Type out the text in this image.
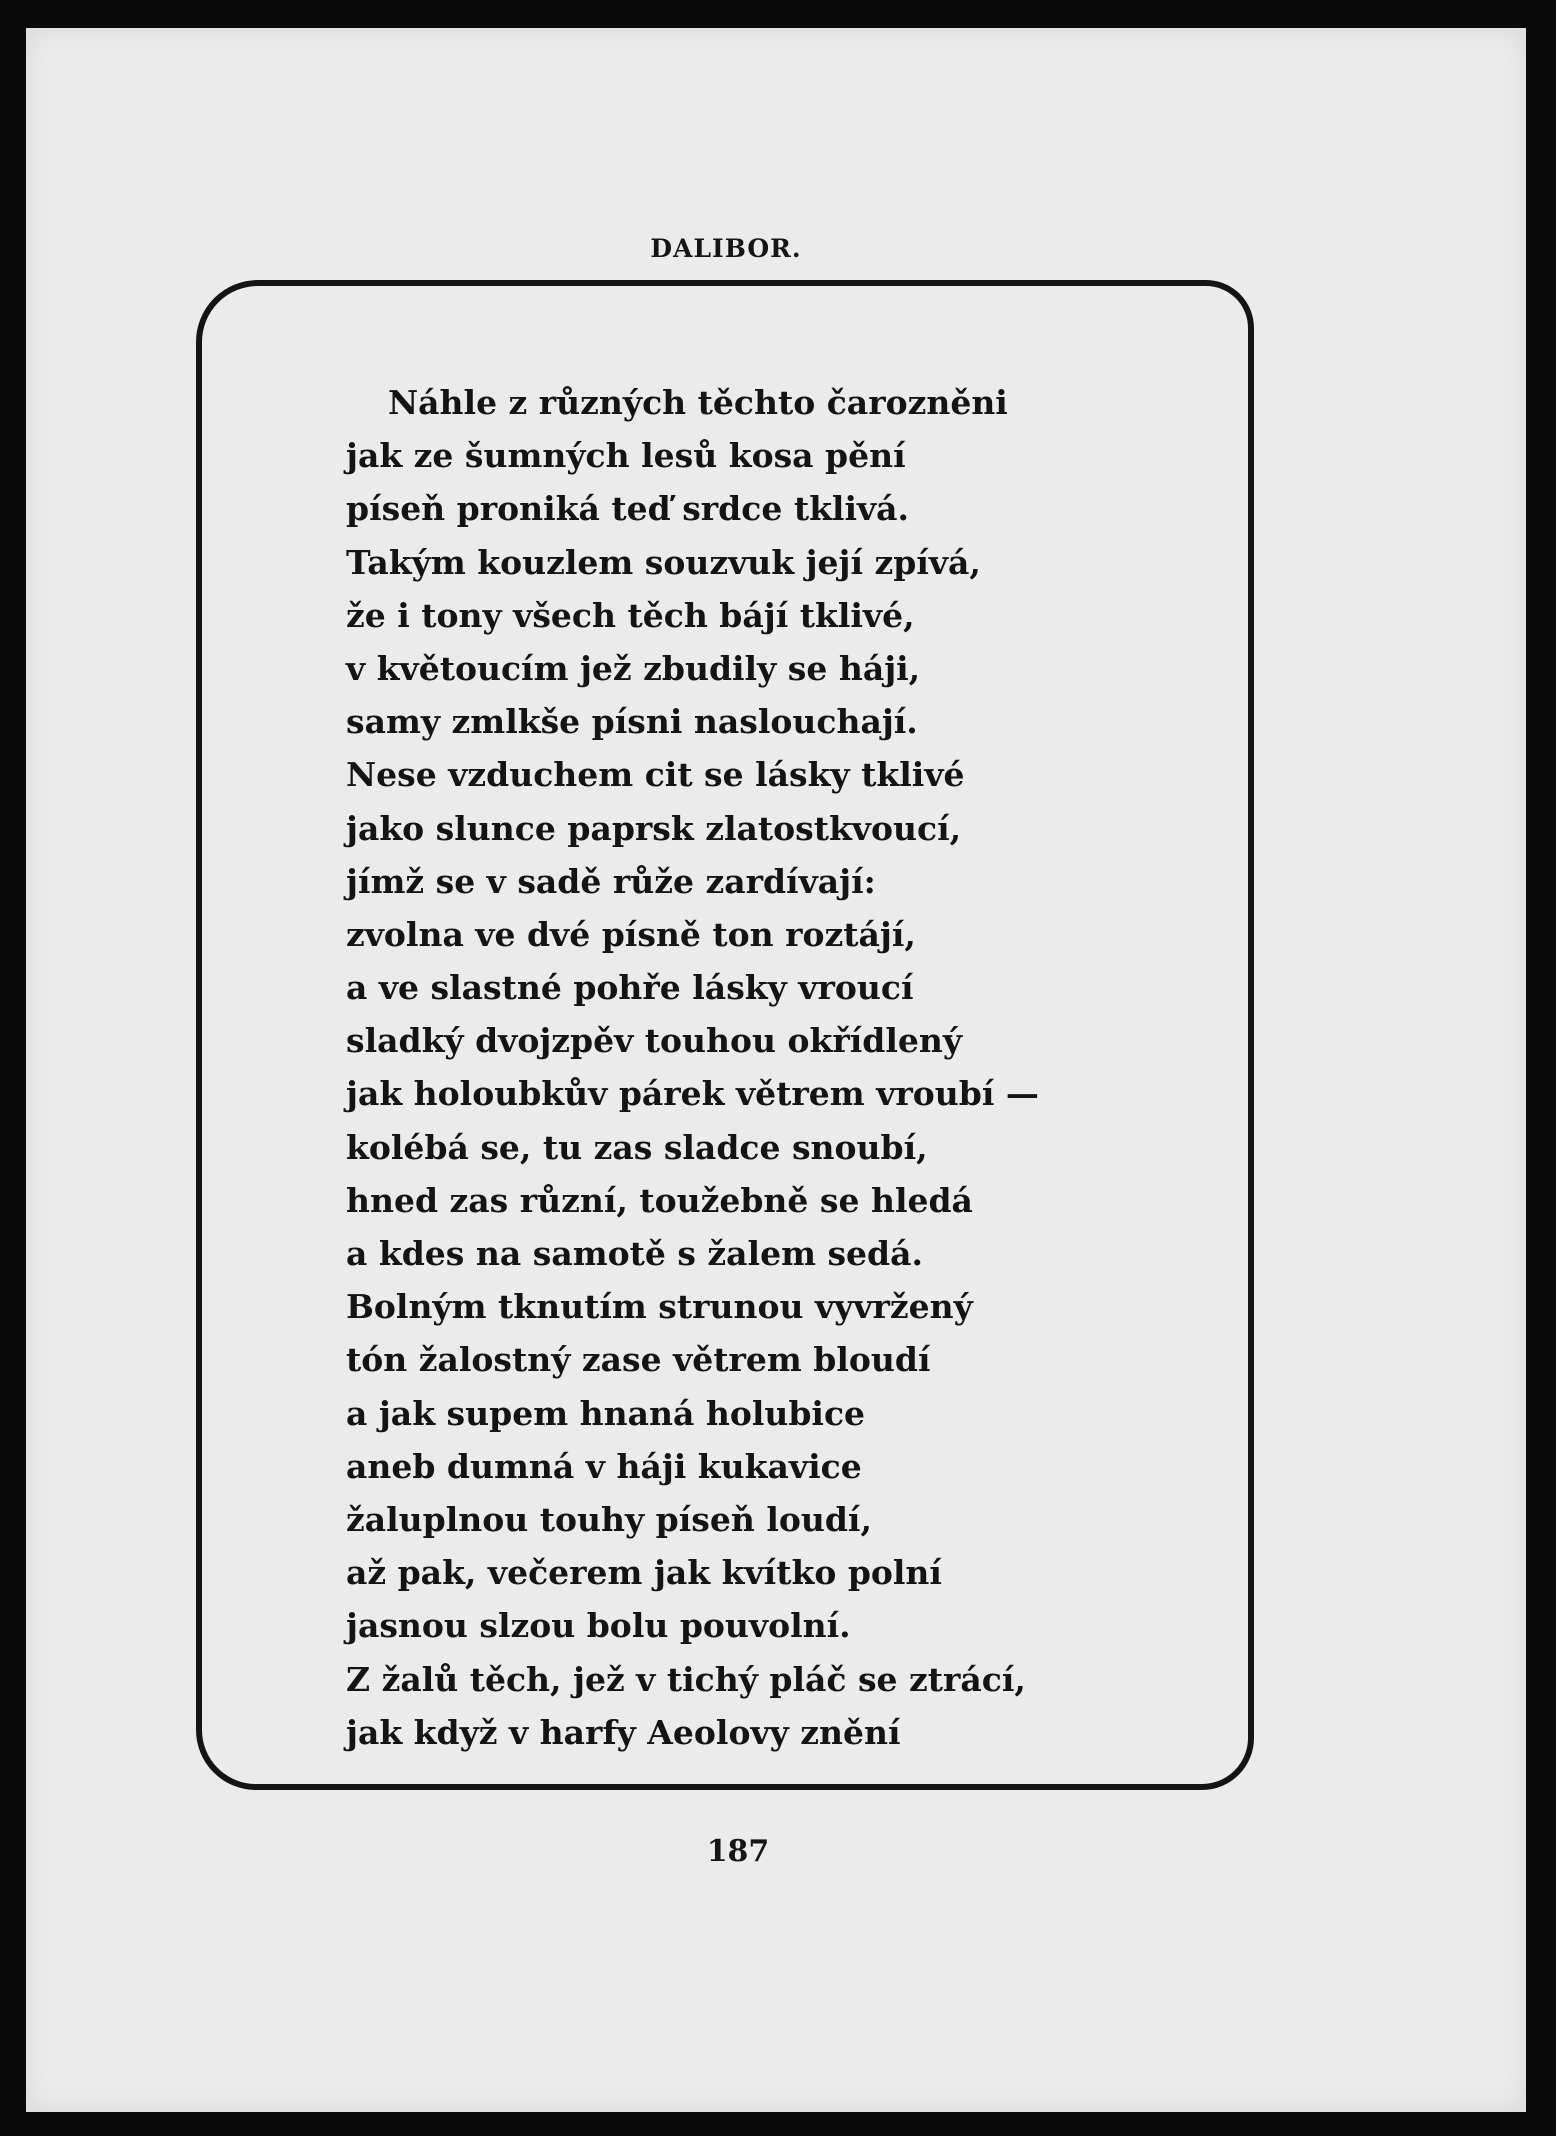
DALIBOR.
Náhle z různých těchto čarozněni
jak ze šumných lesů kosa pění
píseň proniká teď srdce tklivá.
Takým kouzlem souzvuk její zpívá,
že i tony všech těch bájí tklivé,
v květoucím jež zbudily se háji,
samy zmlkše písni naslouchají.
Nese vzduchem cit se lásky tklivé
jako slunce paprsk zlatostkvoucí,
jímž se v sadě růže zardívají:
zvolna ve dvé písně ton roztájí,
a ve slastné pohře lásky vroucí
sladký dvojzpěv touhou okřídlený
jak holoubkův párek větrem vroubí —
kolébá se, tu zas sladce snoubí,
hned zas různí, toužebně se hledá
a kdes na samotě s žalem sedá.
Bolným tknutím strunou vyvržený
tón žalostný zase větrem bloudí
a jak supem hnaná holubice
aneb dumná v háji kukavice
žaluplnou touhy píseň loudí,
až pak, večerem jak kvítko polní
jasnou slzou bolu pouvolní.
Z žalů těch, jež v tichý pláč se ztrácí,
jak když v harfy Aeolovy znění
187
